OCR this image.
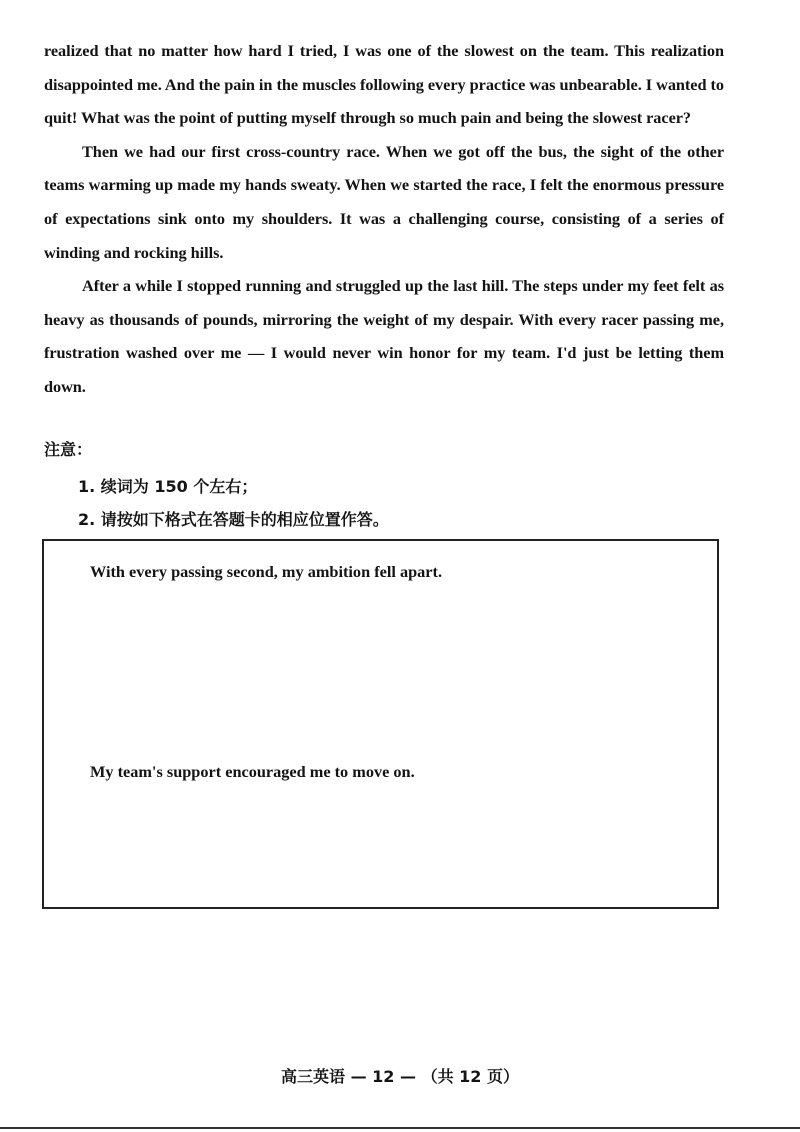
realized that no matter how hard I tried, I was one of the slowest on the team. This realization disappointed me. And the pain in the muscles following every practice was unbearable. I wanted to quit! What was the point of putting myself through so much pain and being the slowest racer?

Then we had our first cross-country race. When we got off the bus, the sight of the other teams warming up made my hands sweaty. When we started the race, I felt the enormous pressure of expectations sink onto my shoulders. It was a challenging course, consisting of a series of winding and rocking hills.

After a while I stopped running and struggled up the last hill. The steps under my feet felt as heavy as thousands of pounds, mirroring the weight of my despair. With every racer passing me, frustration washed over me — I would never win honor for my team. I'd just be letting them down.

注意：
1. 续词为 150 个左右；
2. 请按如下格式在答题卡的相应位置作答。
With every passing second, my ambition fell apart.
My team's support encouraged me to move on.
高三英语 — 12 — （共 12 页）
